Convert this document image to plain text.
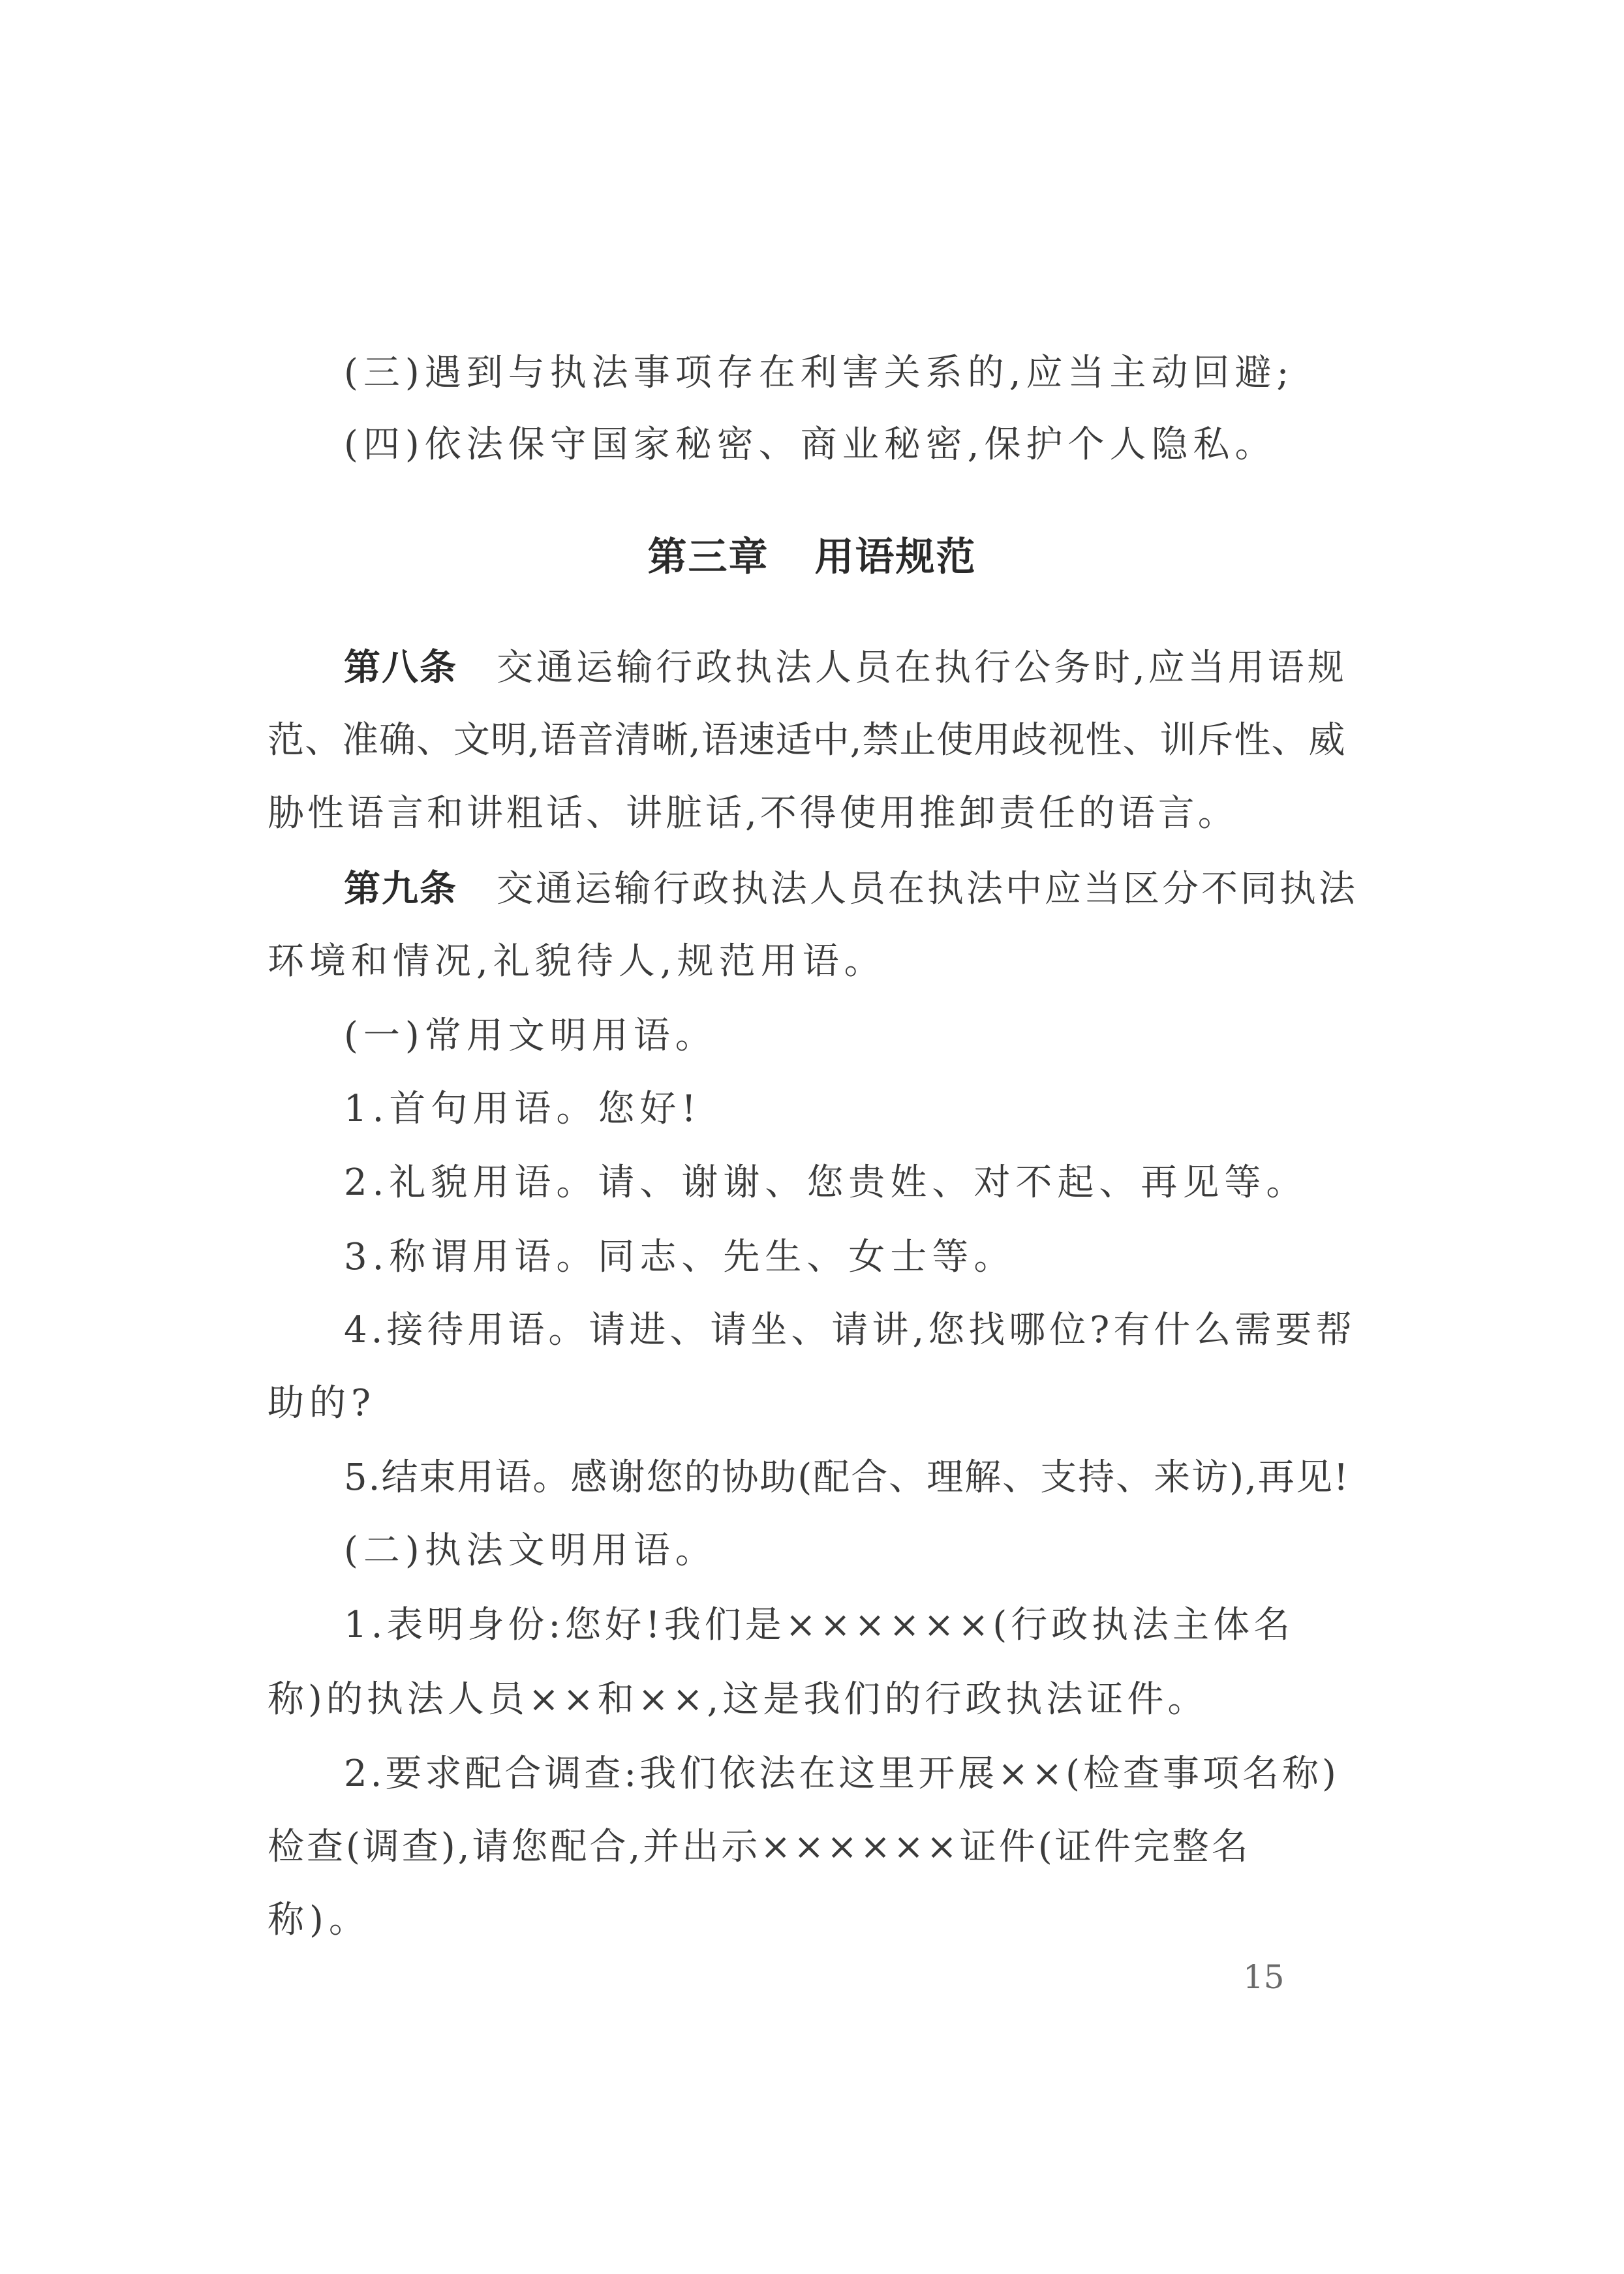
(三)遇到与执法事项存在利害关系的,应当主动回避;
(四)依法保守国家秘密、商业秘密,保护个人隐私。
第三章 用语规范
第八条 交通运输行政执法人员在执行公务时,应当用语规
范、准确、文明,语音清晰,语速适中,禁止使用歧视性、训斥性、威
胁性语言和讲粗话、讲脏话,不得使用推卸责任的语言。
第九条 交通运输行政执法人员在执法中应当区分不同执法
环境和情况,礼貌待人,规范用语。
(一)常用文明用语。
1.首句用语。您好!
2.礼貌用语。请、谢谢、您贵姓、对不起、再见等。
3.称谓用语。同志、先生、女士等。
4.接待用语。请进、请坐、请讲,您找哪位?有什么需要帮
助的?
5.结束用语。感谢您的协助(配合、理解、支持、来访),再见!
(二)执法文明用语。
1.表明身份:您好!我们是××××××(行政执法主体名
称)的执法人员××和××,这是我们的行政执法证件。
2.要求配合调查:我们依法在这里开展××(检查事项名称)
检查(调查),请您配合,并出示××××××证件(证件完整名
称)。
15
